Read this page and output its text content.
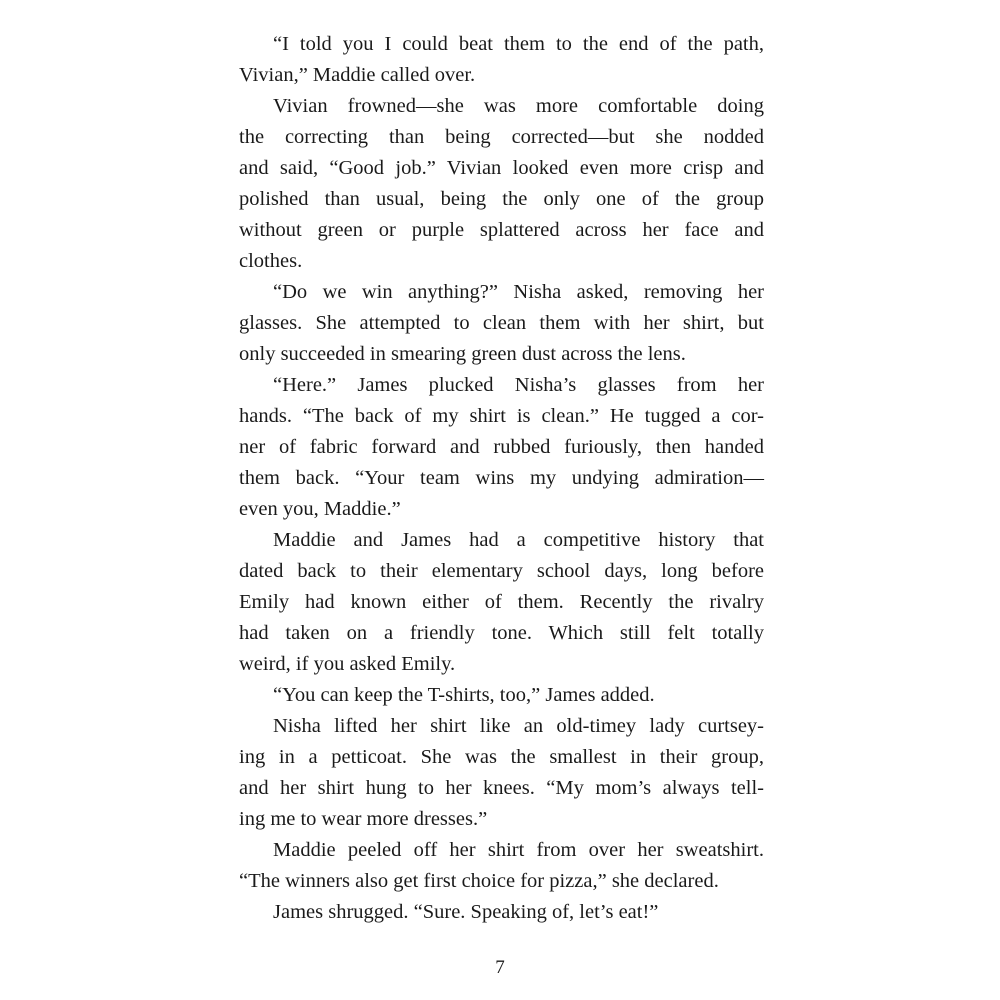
“I told you I could beat them to the end of the path,
Vivian,” Maddie called over.
Vivian frowned—she was more comfortable doing
the correcting than being corrected—but she nodded
and said, “Good job.” Vivian looked even more crisp and
polished than usual, being the only one of the group
without green or purple splattered across her face and
clothes.
“Do we win anything?” Nisha asked, removing her
glasses. She attempted to clean them with her shirt, but
only succeeded in smearing green dust across the lens.
“Here.” James plucked Nisha’s glasses from her
hands. “The back of my shirt is clean.” He tugged a cor-
ner of fabric forward and rubbed furiously, then handed
them back. “Your team wins my undying admiration—
even you, Maddie.”
Maddie and James had a competitive history that
dated back to their elementary school days, long before
Emily had known either of them. Recently the rivalry
had taken on a friendly tone. Which still felt totally
weird, if you asked Emily.
“You can keep the T-shirts, too,” James added.
Nisha lifted her shirt like an old-timey lady curtsey-
ing in a petticoat. She was the smallest in their group,
and her shirt hung to her knees. “My mom’s always tell-
ing me to wear more dresses.”
Maddie peeled off her shirt from over her sweatshirt.
“The winners also get first choice for pizza,” she declared.
James shrugged. “Sure. Speaking of, let’s eat!”
7
